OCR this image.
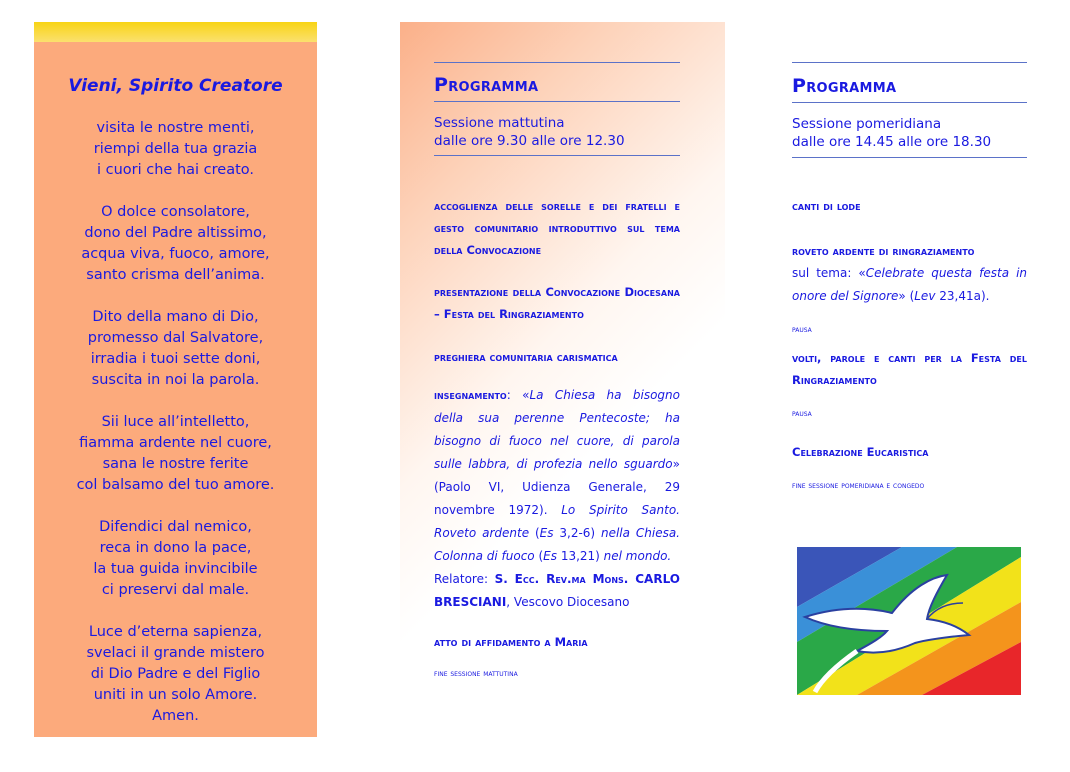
Vieni, Spirito Creatore
visita le nostre menti,
riempi della tua grazia
i cuori che hai creato.
O dolce consolatore,
dono del Padre altissimo,
acqua viva, fuoco, amore,
santo crisma dell’anima.
Dito della mano di Dio,
promesso dal Salvatore,
irradia i tuoi sette doni,
suscita in noi la parola.
Sii luce all’intelletto,
fiamma ardente nel cuore,
sana le nostre ferite
col balsamo del tuo amore.
Difendici dal nemico,
reca in dono la pace,
la tua guida invincibile
ci preservi dal male.
Luce d’eterna sapienza,
svelaci il grande mistero
di Dio Padre e del Figlio
uniti in un solo Amore.
Amen.
Programma
Sessione mattutina
dalle ore 9.30 alle ore 12.30
accoglienza delle sorelle e dei fratelli e gesto comunitario introduttivo sul tema della Convocazione
presentazione della Convocazione Diocesana – Festa del Ringraziamento
preghiera comunitaria carismatica
insegnamento: «La Chiesa ha bisogno della sua perenne Pentecoste; ha bisogno di fuoco nel cuore, di parola sulle labbra, di profezia nello sguardo» (Paolo VI, Udienza Generale, 29 novembre 1972). Lo Spirito Santo. Roveto ardente (Es 3,2-6) nella Chiesa. Colonna di fuoco (Es 13,21) nel mondo.
Relatore: S. Ecc. Rev.ma Mons. CARLO BRESCIANI, Vescovo Diocesano
atto di affidamento a Maria
fine sessione mattutina
Programma
Sessione pomeridiana
dalle ore 14.45 alle ore 18.30
canti di lode
roveto ardente di ringraziamento
sul tema: «Celebrate questa festa in onore del Signore» (Lev 23,41a).
pausa
volti, parole e canti per la Festa del Ringraziamento
pausa
Celebrazione Eucaristica
fine sessione pomeridiana e congedo
